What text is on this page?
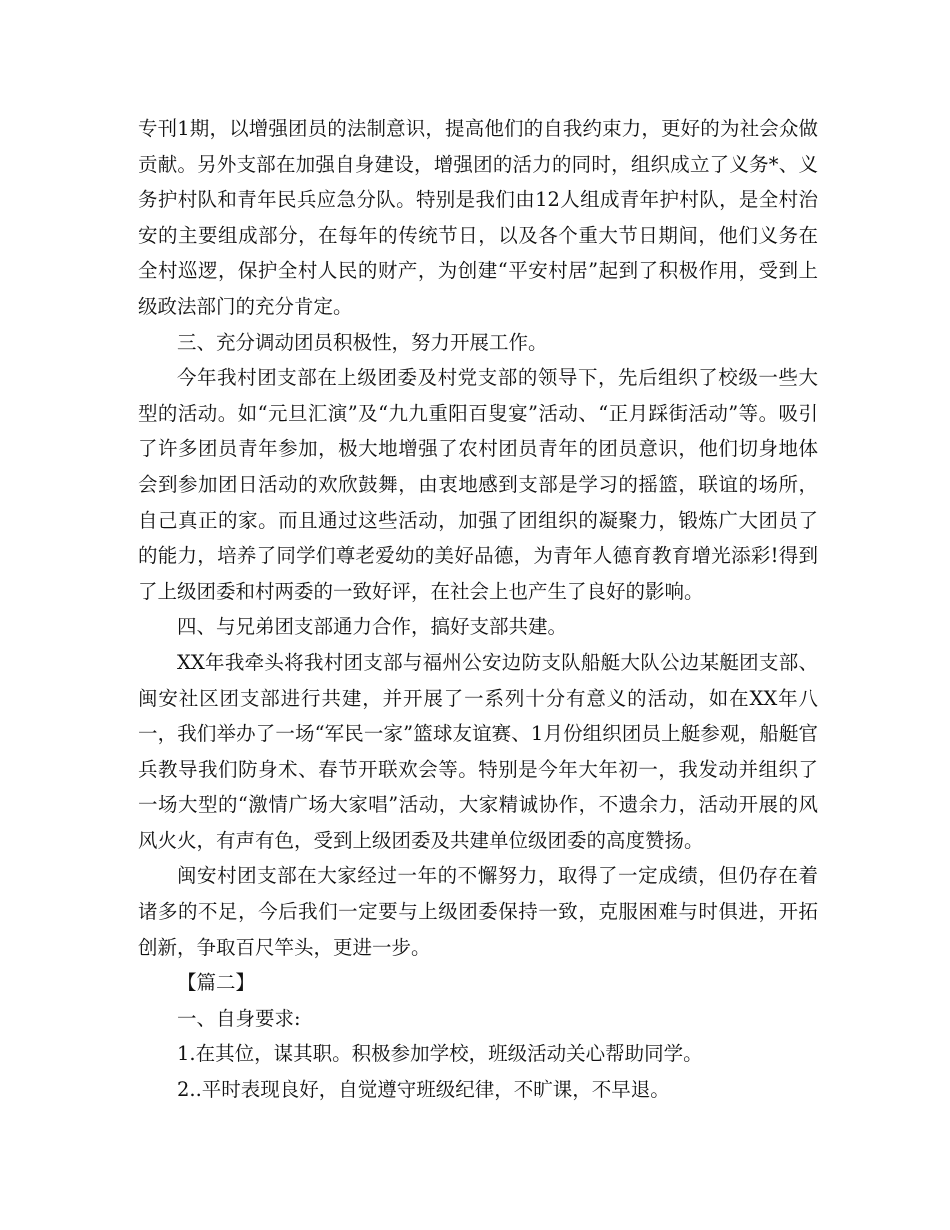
专刊1期，以增强团员的法制意识，提高他们的自我约束力，更好的为社会众做贡献。另外支部在加强自身建设，增强团的活力的同时，组织成立了义务*、义务护村队和青年民兵应急分队。特别是我们由12人组成青年护村队，是全村治安的主要组成部分，在每年的传统节日，以及各个重大节日期间，他们义务在全村巡逻，保护全村人民的财产，为创建“平安村居”起到了积极作用，受到上级政法部门的充分肯定。

三、充分调动团员积极性，努力开展工作。

今年我村团支部在上级团委及村党支部的领导下，先后组织了校级一些大型的活动。如“元旦汇演”及“九九重阳百叟宴”活动、“正月踩街活动”等。吸引了许多团员青年参加，极大地增强了农村团员青年的团员意识，他们切身地体会到参加团日活动的欢欣鼓舞，由衷地感到支部是学习的摇篮，联谊的场所，自己真正的家。而且通过这些活动，加强了团组织的凝聚力，锻炼广大团员了的能力，培养了同学们尊老爱幼的美好品德，为青年人德育教育增光添彩!得到了上级团委和村两委的一致好评，在社会上也产生了良好的影响。

四、与兄弟团支部通力合作，搞好支部共建。

XX年我牵头将我村团支部与福州公安边防支队船艇大队公边某艇团支部、闽安社区团支部进行共建，并开展了一系列十分有意义的活动，如在XX年八一，我们举办了一场“军民一家”篮球友谊赛、1月份组织团员上艇参观，船艇官兵教导我们防身术、春节开联欢会等。特别是今年大年初一，我发动并组织了一场大型的“激情广场大家唱”活动，大家精诚协作，不遗余力，活动开展的风风火火，有声有色，受到上级团委及共建单位级团委的高度赞扬。

闽安村团支部在大家经过一年的不懈努力，取得了一定成绩，但仍存在着诸多的不足，今后我们一定要与上级团委保持一致，克服困难与时俱进，开拓创新，争取百尺竿头，更进一步。

【篇二】

一、自身要求:

1.在其位，谋其职。积极参加学校，班级活动关心帮助同学。

2..平时表现良好，自觉遵守班级纪律，不旷课，不早退。
